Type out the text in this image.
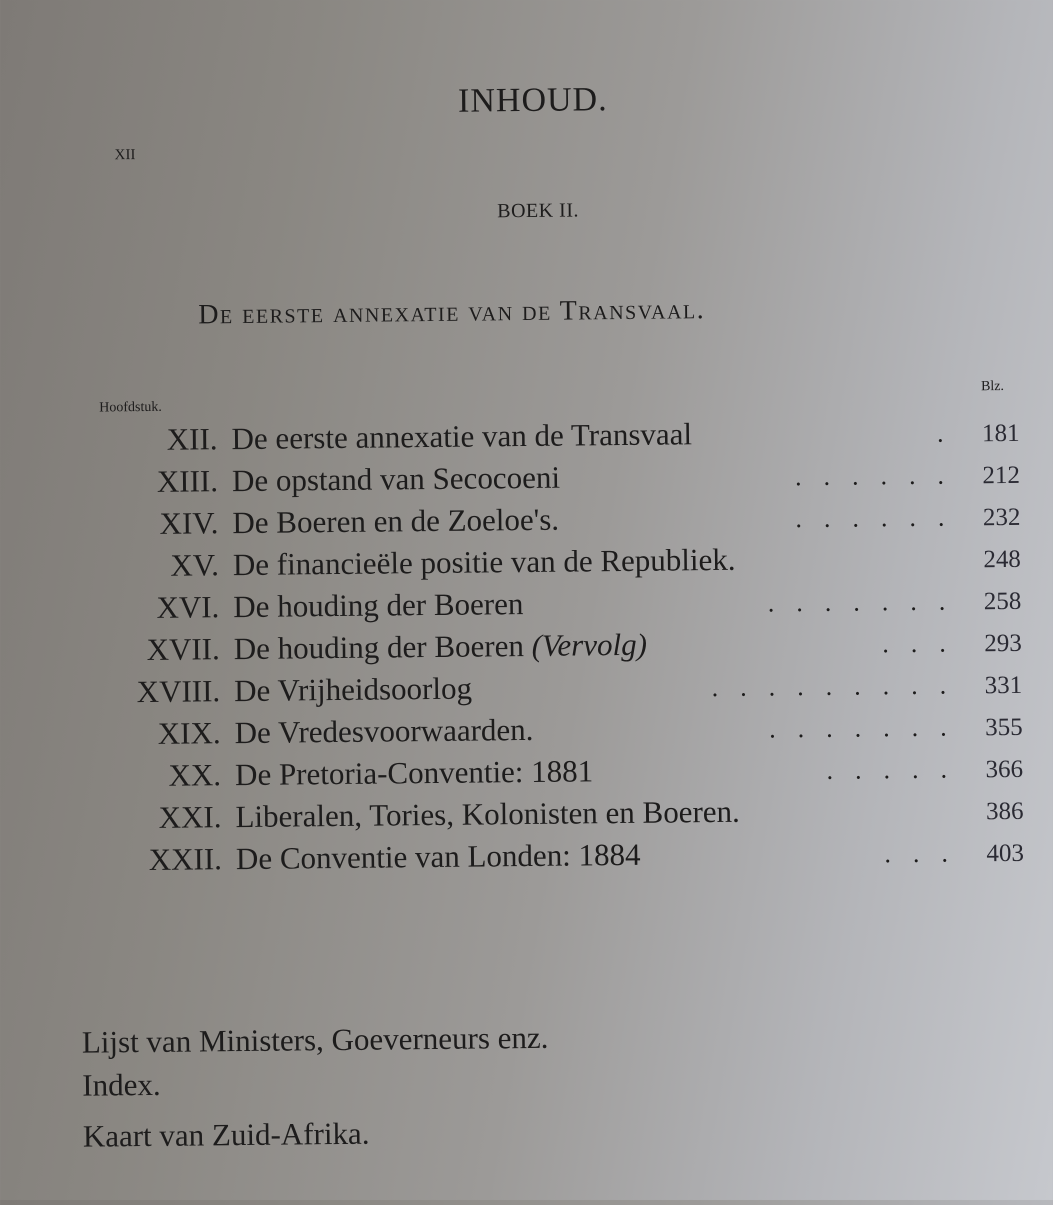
INHOUD.
XII
BOEK II.
De eerste annexatie van de Transvaal.
Hoofdstuk.
Blz.
XII. De eerste annexatie van de Transvaal	. 181
XIII. De opstand van Secocoeni	...... 212
XIV. De Boeren en de Zoeloe's.	...... 232
XV. De financieële positie van de Republiek.	248
XVI. De houding der Boeren	....... 258
XVII. De houding der Boeren (Vervolg)	... 293
XVIII. De Vrijheidsoorlog	......... 331
XIX. De Vredesvoorwaarden.	....... 355
XX. De Pretoria-Conventie: 1881	..... 366
XXI. Liberalen, Tories, Kolonisten en Boeren.	386
XXII. De Conventie van Londen: 1884	... 403
Lijst van Ministers, Goeverneurs enz.
Index.
Kaart van Zuid-Afrika.
